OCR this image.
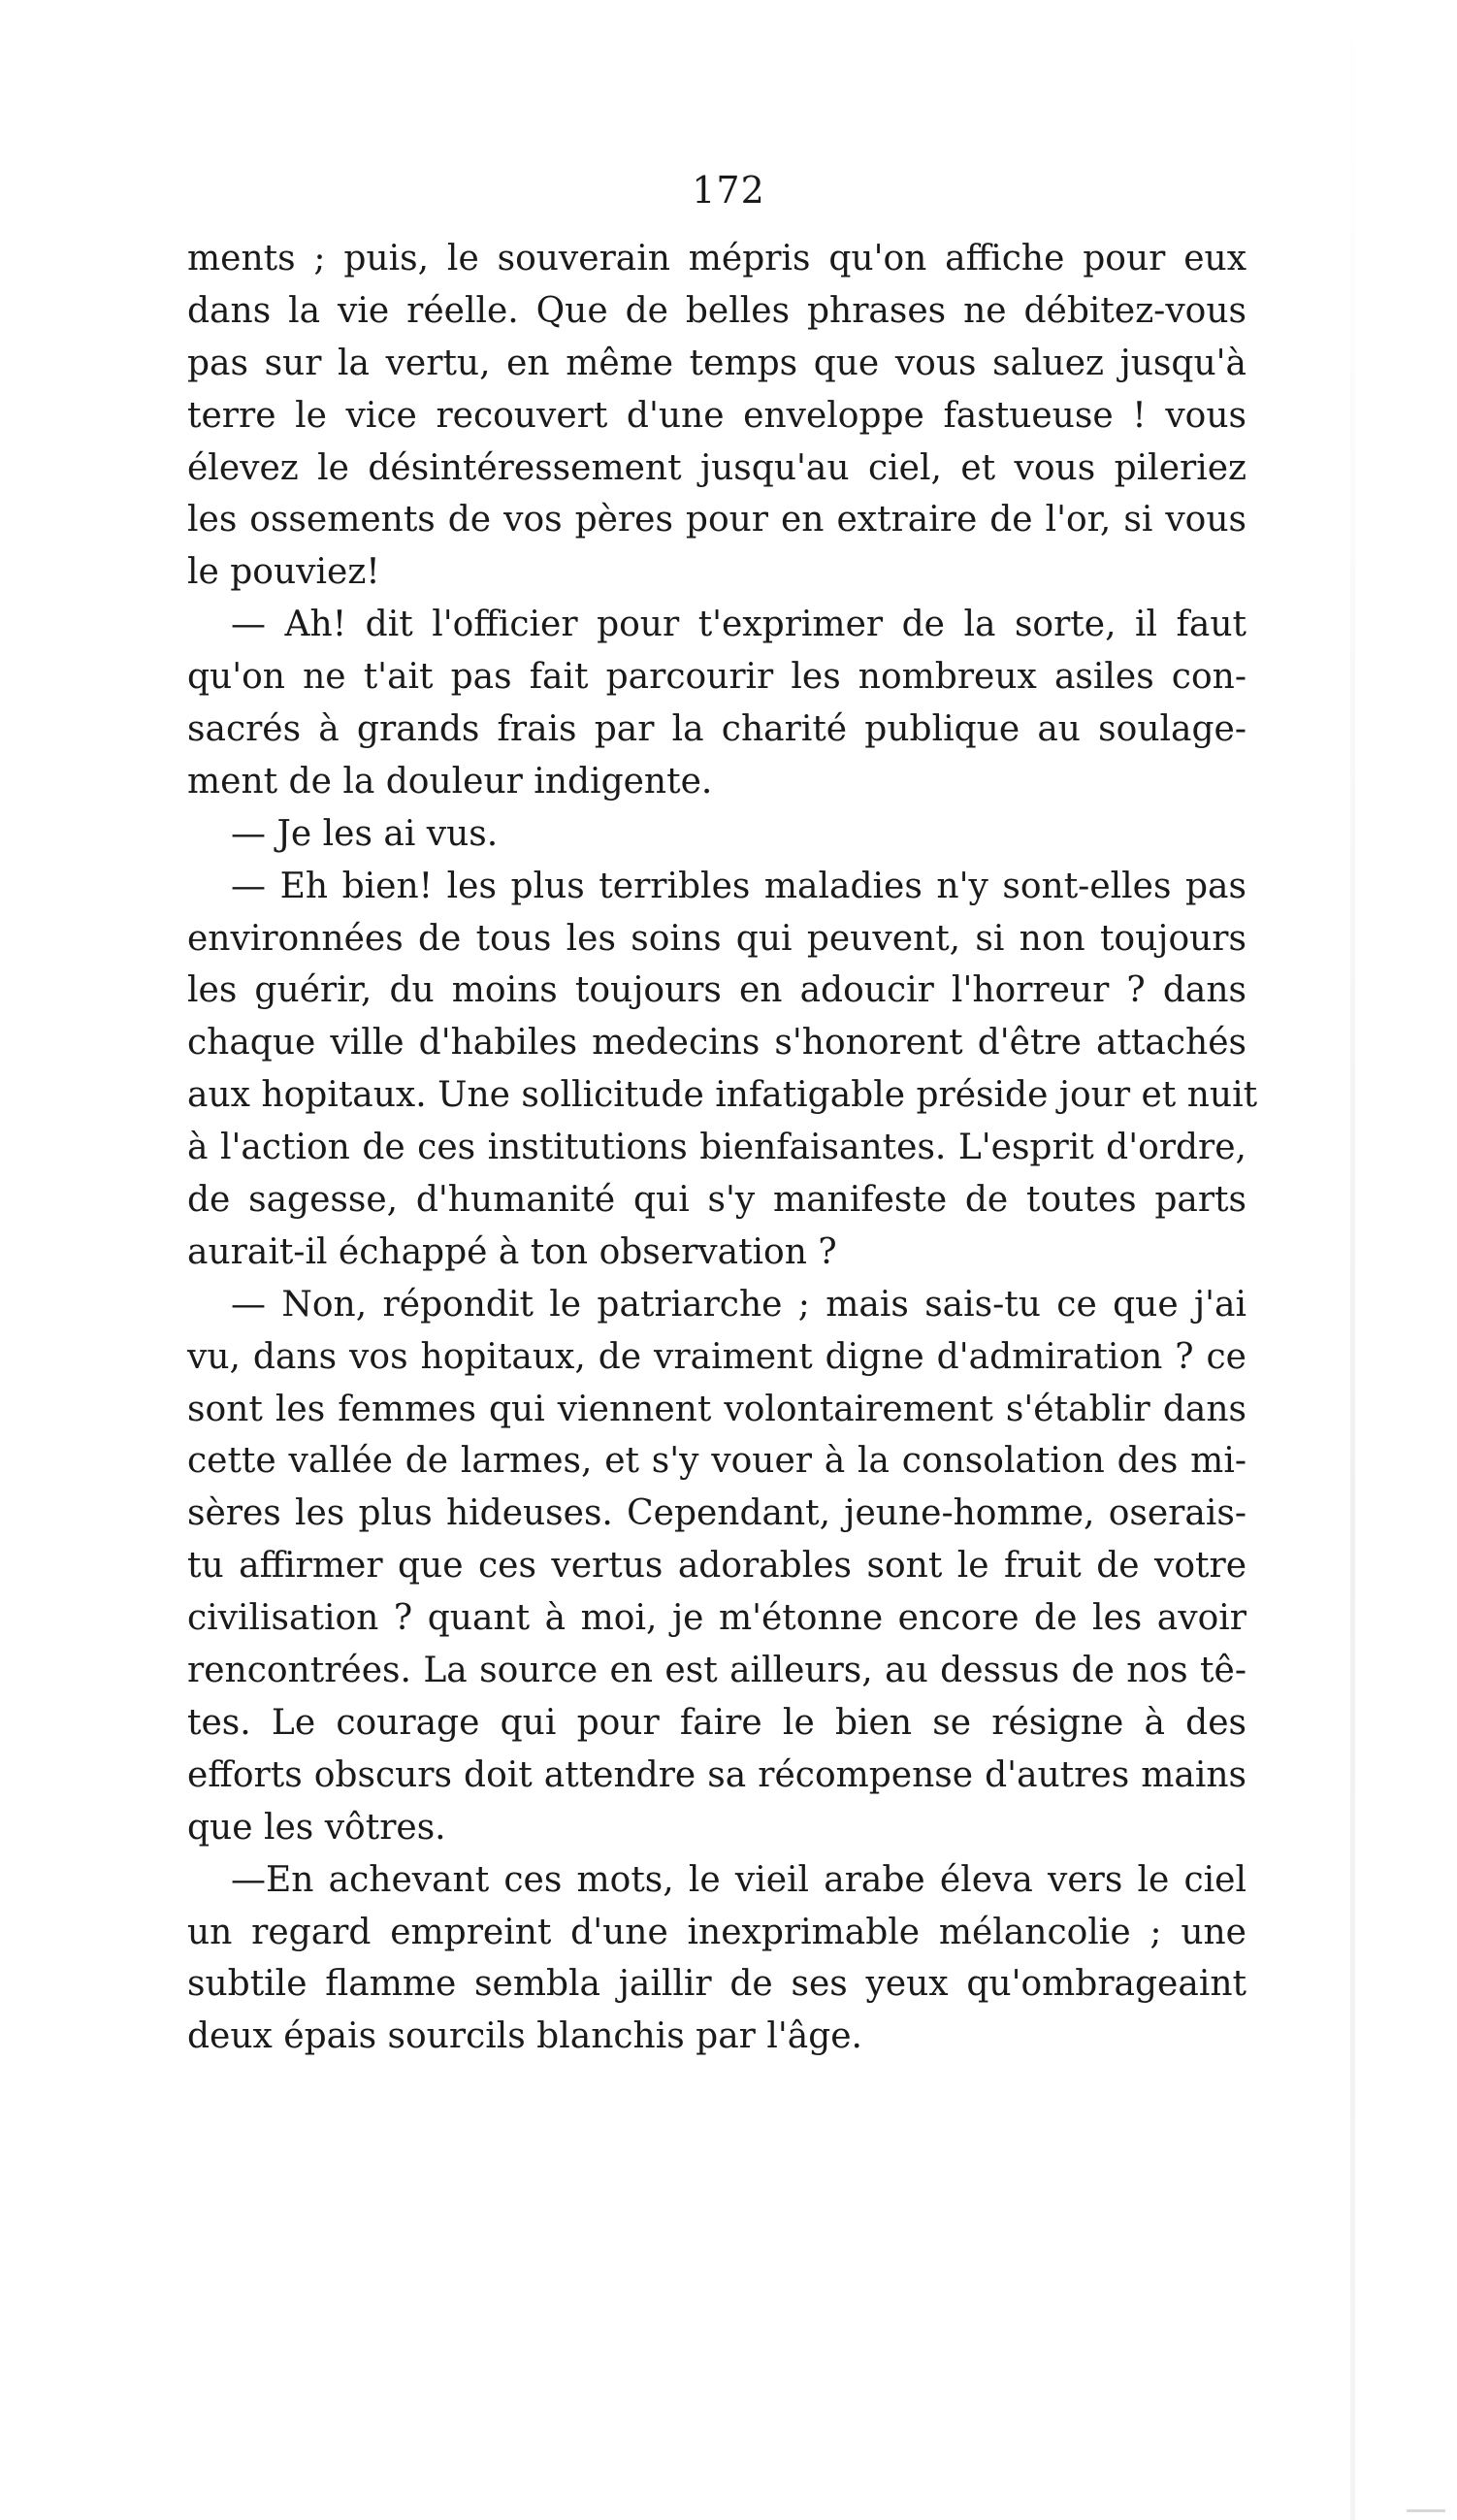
172
ments ; puis, le souverain mépris qu'on affiche pour eux
dans la vie réelle. Que de belles phrases ne débitez-vous
pas sur la vertu, en même temps que vous saluez jusqu'à
terre le vice recouvert d'une enveloppe fastueuse ! vous
élevez le désintéressement jusqu'au ciel, et vous pileriez
les ossements de vos pères pour en extraire de l'or, si vous
le pouviez!
— Ah! dit l'officier pour t'exprimer de la sorte, il faut
qu'on ne t'ait pas fait parcourir les nombreux asiles con-
sacrés à grands frais par la charité publique au soulage-
ment de la douleur indigente.
— Je les ai vus.
— Eh bien! les plus terribles maladies n'y sont-elles pas
environnées de tous les soins qui peuvent, si non toujours
les guérir, du moins toujours en adoucir l'horreur ? dans
chaque ville d'habiles medecins s'honorent d'être attachés
aux hopitaux. Une sollicitude infatigable préside jour et nuit
à l'action de ces institutions bienfaisantes. L'esprit d'ordre,
de sagesse, d'humanité qui s'y manifeste de toutes parts
aurait-il échappé à ton observation ?
— Non, répondit le patriarche ; mais sais-tu ce que j'ai
vu, dans vos hopitaux, de vraiment digne d'admiration ? ce
sont les femmes qui viennent volontairement s'établir dans
cette vallée de larmes, et s'y vouer à la consolation des mi-
sères les plus hideuses. Cependant, jeune-homme, oserais-
tu affirmer que ces vertus adorables sont le fruit de votre
civilisation ? quant à moi, je m'étonne encore de les avoir
rencontrées. La source en est ailleurs, au dessus de nos tê-
tes. Le courage qui pour faire le bien se résigne à des
efforts obscurs doit attendre sa récompense d'autres mains
que les vôtres.
—En achevant ces mots, le vieil arabe éleva vers le ciel
un regard empreint d'une inexprimable mélancolie ; une
subtile flamme sembla jaillir de ses yeux qu'ombrageaint
deux épais sourcils blanchis par l'âge.
